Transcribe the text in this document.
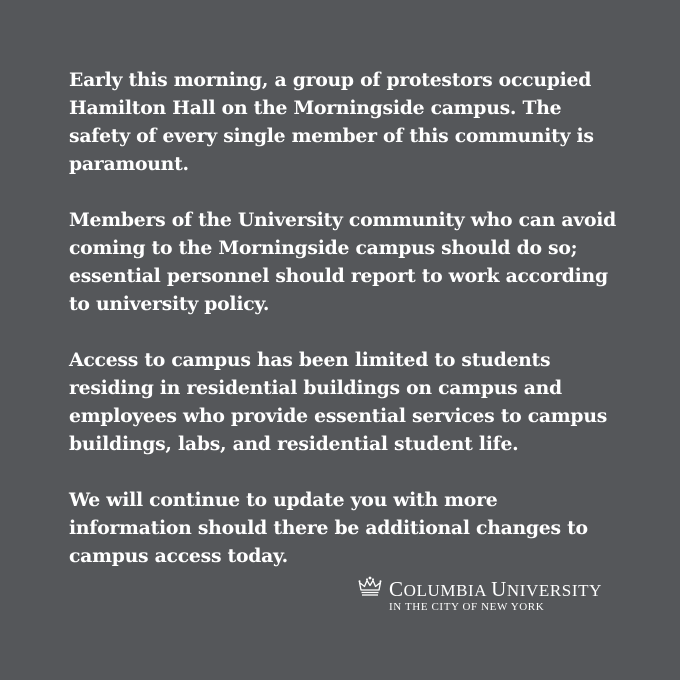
Early this morning, a group of protestors occupied
Hamilton Hall on the Morningside campus. The
safety of every single member of this community is
paramount.

Members of the University community who can avoid
coming to the Morningside campus should do so;
essential personnel should report to work according
to university policy.

Access to campus has been limited to students
residing in residential buildings on campus and
employees who provide essential services to campus
buildings, labs, and residential student life.

We will continue to update you with more
information should there be additional changes to
campus access today.

COLUMBIA UNIVERSITY
IN THE CITY OF NEW YORK
